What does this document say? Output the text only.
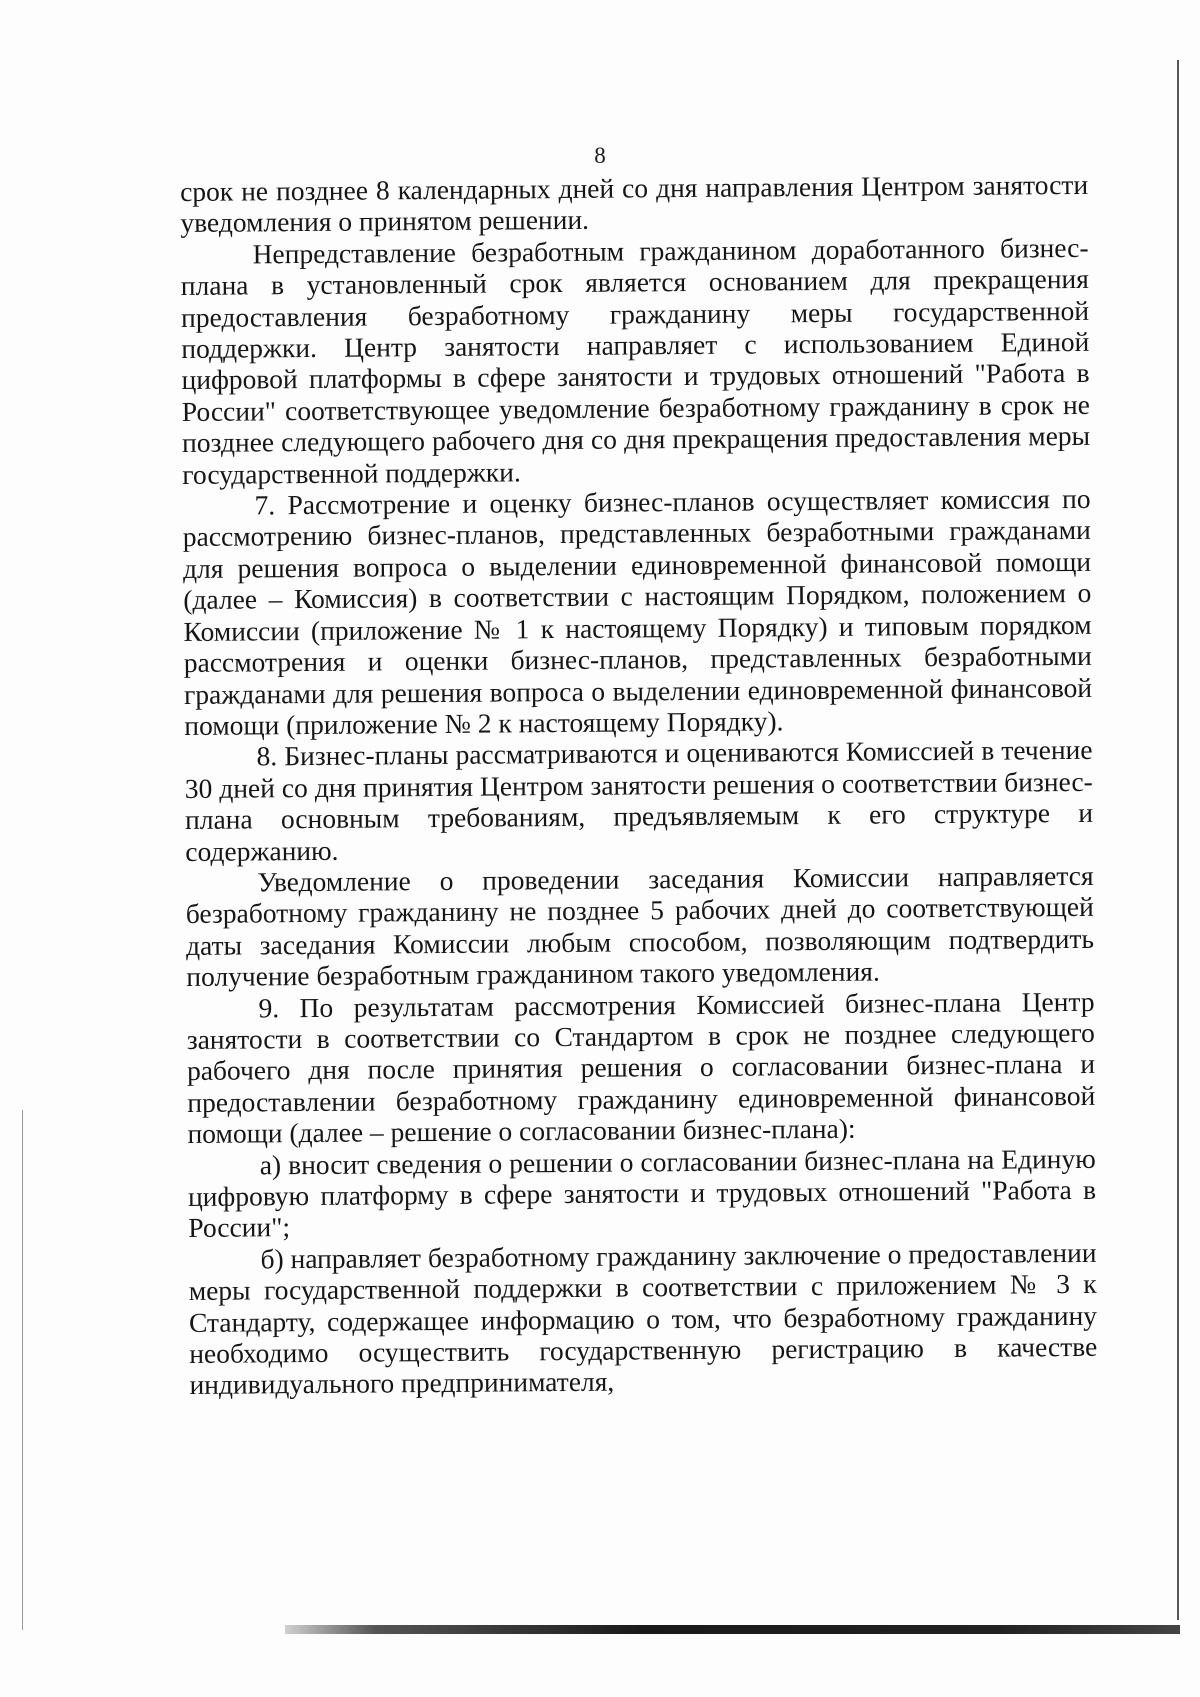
8

срок не позднее 8 календарных дней со дня направления Центром занятости уведомления о принятом решении.

Непредставление безработным гражданином доработанного бизнес-плана в установленный срок является основанием для прекращения предоставления безработному гражданину меры государственной поддержки. Центр занятости направляет с использованием Единой цифровой платформы в сфере занятости и трудовых отношений "Работа в России" соответствующее уведомление безработному гражданину в срок не позднее следующего рабочего дня со дня прекращения предоставления меры государственной поддержки.

7. Рассмотрение и оценку бизнес-планов осуществляет комиссия по рассмотрению бизнес-планов, представленных безработными гражданами для решения вопроса о выделении единовременной финансовой помощи (далее – Комиссия) в соответствии с настоящим Порядком, положением о Комиссии (приложение № 1 к настоящему Порядку) и типовым порядком рассмотрения и оценки бизнес-планов, представленных безработными гражданами для решения вопроса о выделении единовременной финансовой помощи (приложение № 2 к настоящему Порядку).

8. Бизнес-планы рассматриваются и оцениваются Комиссией в течение 30 дней со дня принятия Центром занятости решения о соответствии бизнес-плана основным требованиям, предъявляемым к его структуре и содержанию.

Уведомление о проведении заседания Комиссии направляется безработному гражданину не позднее 5 рабочих дней до соответствующей даты заседания Комиссии любым способом, позволяющим подтвердить получение безработным гражданином такого уведомления.

9. По результатам рассмотрения Комиссией бизнес-плана Центр занятости в соответствии со Стандартом в срок не позднее следующего рабочего дня после принятия решения о согласовании бизнес-плана и предоставлении безработному гражданину единовременной финансовой помощи (далее – решение о согласовании бизнес-плана):

а) вносит сведения о решении о согласовании бизнес-плана на Единую цифровую платформу в сфере занятости и трудовых отношений "Работа в России";

б) направляет безработному гражданину заключение о предоставлении меры государственной поддержки в соответствии с приложением № 3 к Стандарту, содержащее информацию о том, что безработному гражданину необходимо осуществить государственную регистрацию в качестве индивидуального предпринимателя,
